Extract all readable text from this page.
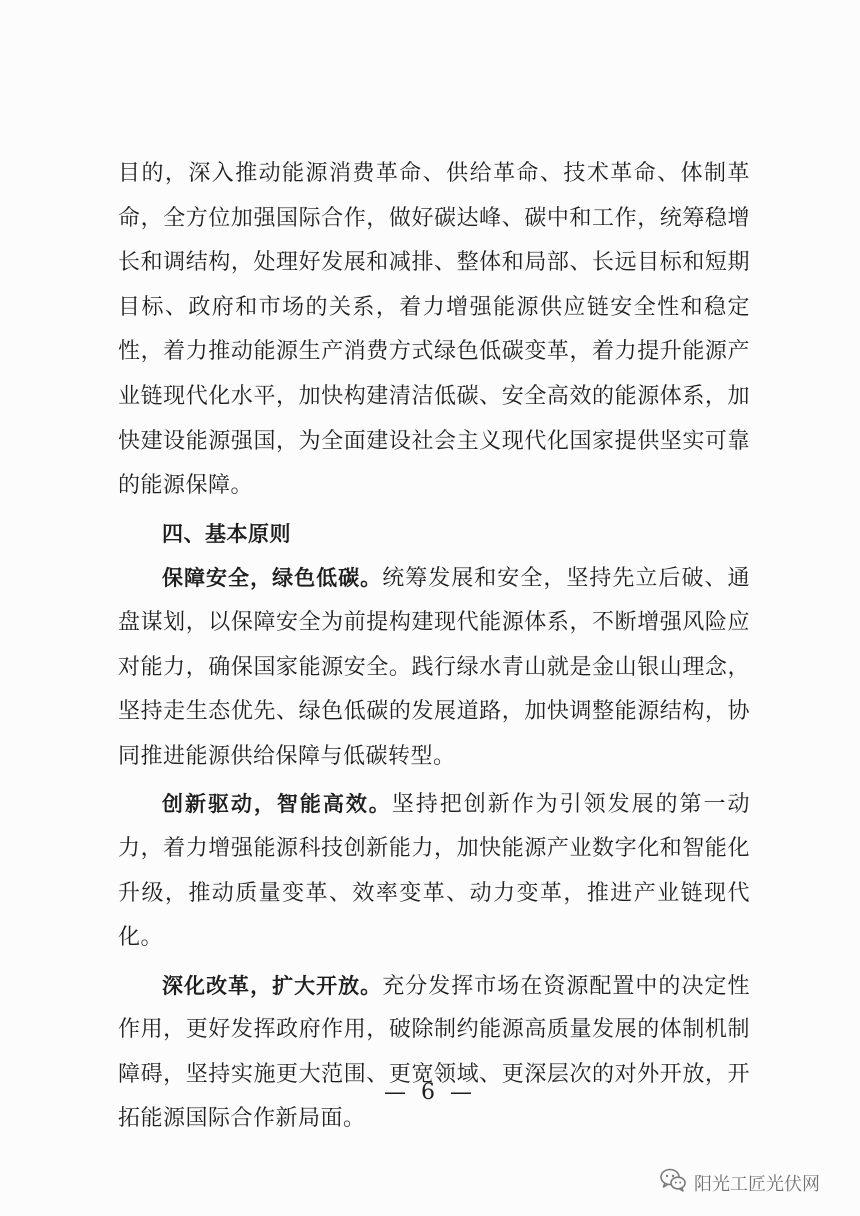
目的，深入推动能源消费革命、供给革命、技术革命、体制革
命，全方位加强国际合作，做好碳达峰、碳中和工作，统筹稳增
长和调结构，处理好发展和减排、整体和局部、长远目标和短期
目标、政府和市场的关系，着力增强能源供应链安全性和稳定
性，着力推动能源生产消费方式绿色低碳变革，着力提升能源产
业链现代化水平，加快构建清洁低碳、安全高效的能源体系，加
快建设能源强国，为全面建设社会主义现代化国家提供坚实可靠
的能源保障。
四、基本原则
保障安全，绿色低碳。统筹发展和安全，坚持先立后破、通
盘谋划，以保障安全为前提构建现代能源体系，不断增强风险应
对能力，确保国家能源安全。践行绿水青山就是金山银山理念，
坚持走生态优先、绿色低碳的发展道路，加快调整能源结构，协
同推进能源供给保障与低碳转型。
创新驱动，智能高效。坚持把创新作为引领发展的第一动
力，着力增强能源科技创新能力，加快能源产业数字化和智能化
升级，推动质量变革、效率变革、动力变革，推进产业链现代
化。
深化改革，扩大开放。充分发挥市场在资源配置中的决定性
作用，更好发挥政府作用，破除制约能源高质量发展的体制机制
障碍，坚持实施更大范围、更宽领域、更深层次的对外开放，开
拓能源国际合作新局面。
— 6 —
阳光工匠光伏网
